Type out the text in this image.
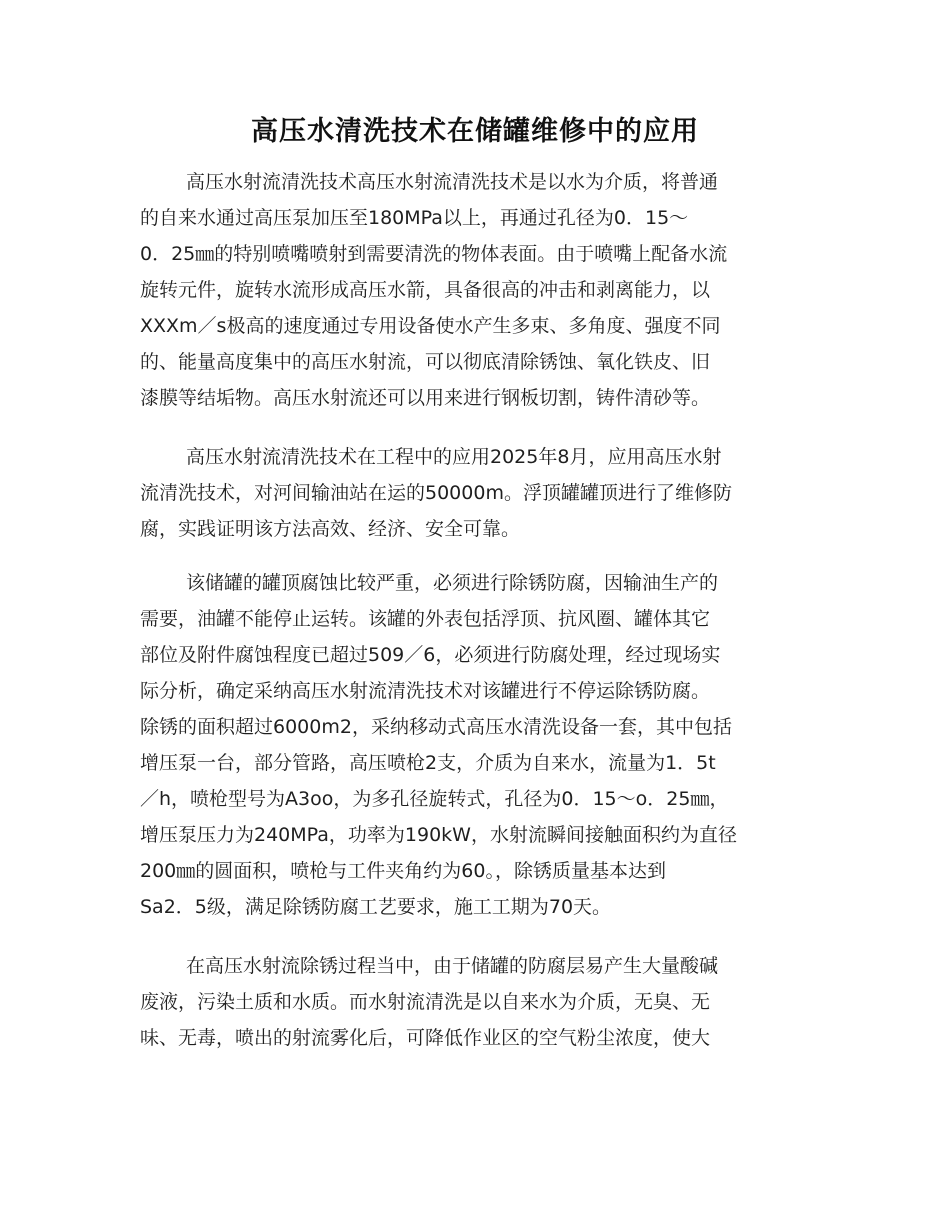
高压水清洗技术在储罐维修中的应用
高压水射流清洗技术高压水射流清洗技术是以水为介质，将普通
的自来水通过高压泵加压至180MPa以上，再通过孔径为0．15～
0．25㎜的特别喷嘴喷射到需要清洗的物体表面。由于喷嘴上配备水流
旋转元件，旋转水流形成高压水箭，具备很高的冲击和剥离能力，以
XXXm／s极高的速度通过专用设备使水产生多束、多角度、强度不同
的、能量高度集中的高压水射流，可以彻底清除锈蚀、氧化铁皮、旧
漆膜等结垢物。高压水射流还可以用来进行钢板切割，铸件清砂等。
高压水射流清洗技术在工程中的应用2025年8月，应用高压水射
流清洗技术，对河间输油站在运的50000m。浮顶罐罐顶进行了维修防
腐，实践证明该方法高效、经济、安全可靠。
该储罐的罐顶腐蚀比较严重，必须进行除锈防腐，因输油生产的
需要，油罐不能停止运转。该罐的外表包括浮顶、抗风圈、罐体其它
部位及附件腐蚀程度已超过509／6，必须进行防腐处理，经过现场实
际分析，确定采纳高压水射流清洗技术对该罐进行不停运除锈防腐。
除锈的面积超过6000m2，采纳移动式高压水清洗设备一套，其中包括
增压泵一台，部分管路，高压喷枪2支，介质为自来水，流量为1．5t
／h，喷枪型号为A3oo，为多孔径旋转式，孔径为0．15～o．25㎜，
增压泵压力为240MPa，功率为190kW，水射流瞬间接触面积约为直径
200㎜的圆面积，喷枪与工件夹角约为60。，除锈质量基本达到
Sa2．5级，满足除锈防腐工艺要求，施工工期为70天。
在高压水射流除锈过程当中，由于储罐的防腐层易产生大量酸碱
废液，污染土质和水质。而水射流清洗是以自来水为介质，无臭、无
味、无毒，喷出的射流雾化后，可降低作业区的空气粉尘浓度，使大
